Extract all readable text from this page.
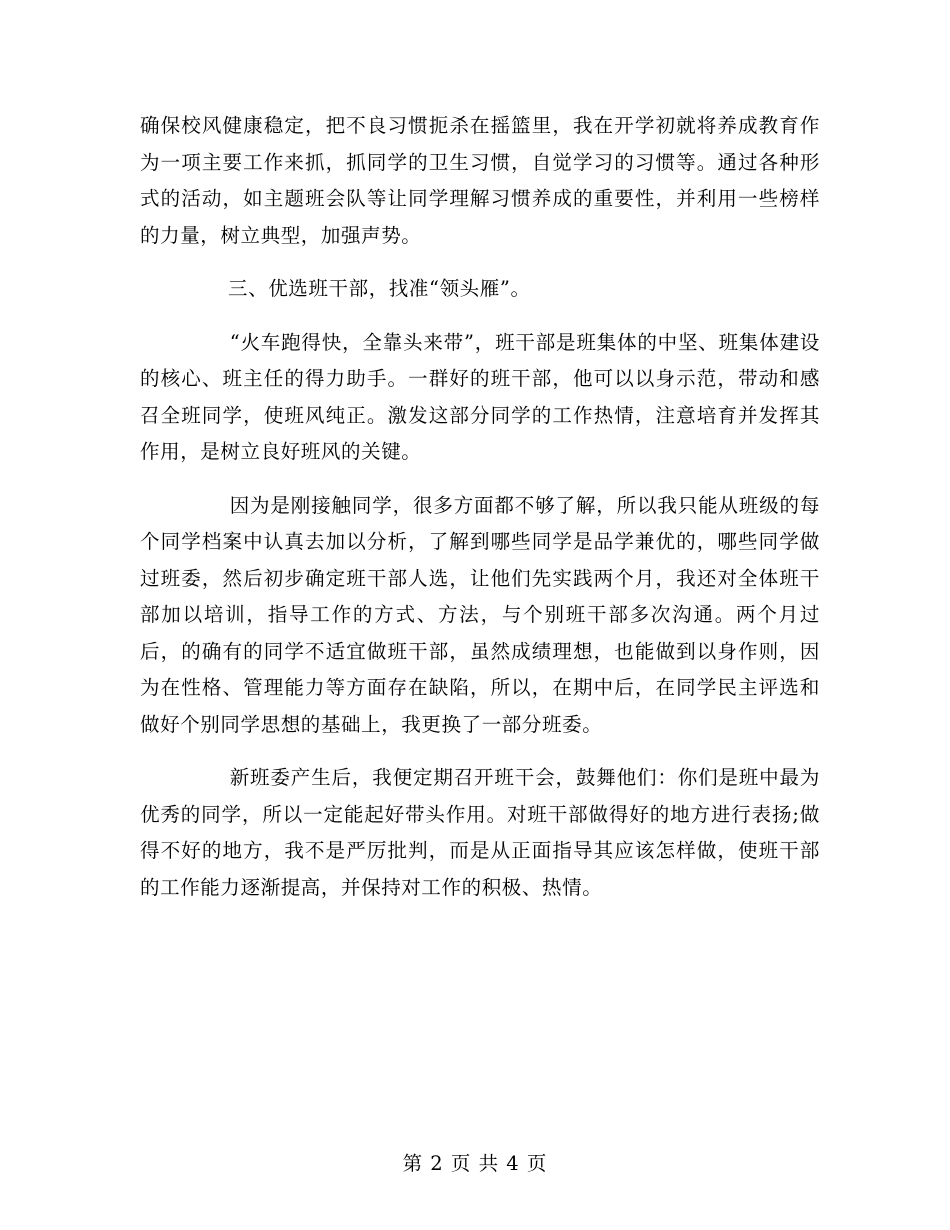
确保校风健康稳定，把不良习惯扼杀在摇篮里，我在开学初就将养成教育作为一项主要工作来抓，抓同学的卫生习惯，自觉学习的习惯等。通过各种形式的活动，如主题班会队等让同学理解习惯养成的重要性，并利用一些榜样的力量，树立典型，加强声势。

三、优选班干部，找准“领头雁”。

“火车跑得快，全靠头来带”，班干部是班集体的中坚、班集体建设的核心、班主任的得力助手。一群好的班干部，他可以以身示范，带动和感召全班同学，使班风纯正。激发这部分同学的工作热情，注意培育并发挥其作用，是树立良好班风的关键。

因为是刚接触同学，很多方面都不够了解，所以我只能从班级的每个同学档案中认真去加以分析，了解到哪些同学是品学兼优的，哪些同学做过班委，然后初步确定班干部人选，让他们先实践两个月，我还对全体班干部加以培训，指导工作的方式、方法，与个别班干部多次沟通。两个月过后，的确有的同学不适宜做班干部，虽然成绩理想，也能做到以身作则，因为在性格、管理能力等方面存在缺陷，所以，在期中后，在同学民主评选和做好个别同学思想的基础上，我更换了一部分班委。

新班委产生后，我便定期召开班干会，鼓舞他们：你们是班中最为优秀的同学，所以一定能起好带头作用。对班干部做得好的地方进行表扬;做得不好的地方，我不是严厉批判，而是从正面指导其应该怎样做，使班干部的工作能力逐渐提高，并保持对工作的积极、热情。

第 2 页 共 4 页
